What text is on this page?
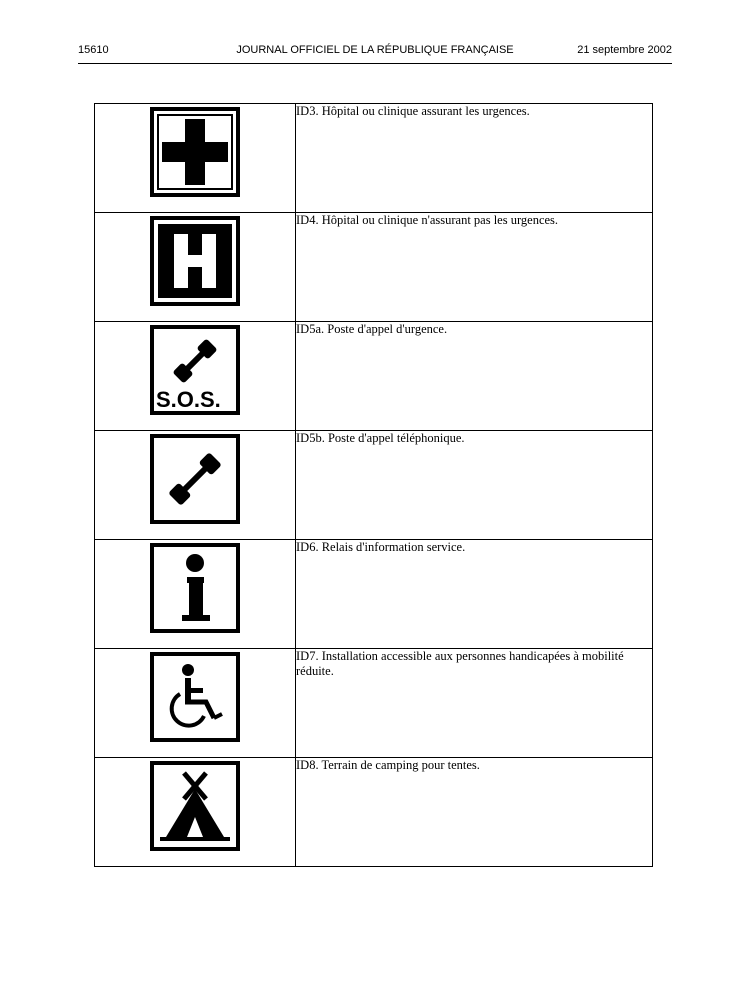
15610	JOURNAL OFFICIEL DE LA RÉPUBLIQUE FRANÇAISE	21 septembre 2002
	ID3. Hôpital ou clinique assurant les urgences.

	ID4. Hôpital ou clinique n'assurant pas les urgences.

S.O.S.	ID5a. Poste d'appel d'urgence.

	ID5b. Poste d'appel téléphonique.

	ID6. Relais d'information service.

	ID7. Installation accessible aux personnes handicapées à mobilité réduite.

	ID8. Terrain de camping pour tentes.
